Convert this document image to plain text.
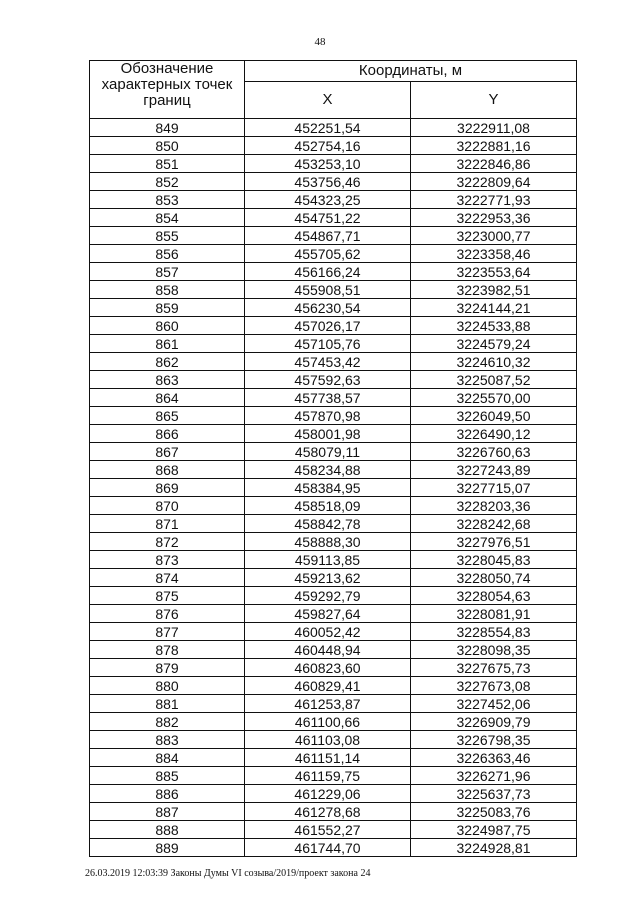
48
Обозначение характерных точек границ	Координаты, м	
	X	Y
849	452251,54	3222911,08
850	452754,16	3222881,16
851	453253,10	3222846,86
852	453756,46	3222809,64
853	454323,25	3222771,93
854	454751,22	3222953,36
855	454867,71	3223000,77
856	455705,62	3223358,46
857	456166,24	3223553,64
858	455908,51	3223982,51
859	456230,54	3224144,21
860	457026,17	3224533,88
861	457105,76	3224579,24
862	457453,42	3224610,32
863	457592,63	3225087,52
864	457738,57	3225570,00
865	457870,98	3226049,50
866	458001,98	3226490,12
867	458079,11	3226760,63
868	458234,88	3227243,89
869	458384,95	3227715,07
870	458518,09	3228203,36
871	458842,78	3228242,68
872	458888,30	3227976,51
873	459113,85	3228045,83
874	459213,62	3228050,74
875	459292,79	3228054,63
876	459827,64	3228081,91
877	460052,42	3228554,83
878	460448,94	3228098,35
879	460823,60	3227675,73
880	460829,41	3227673,08
881	461253,87	3227452,06
882	461100,66	3226909,79
883	461103,08	3226798,35
884	461151,14	3226363,46
885	461159,75	3226271,96
886	461229,06	3225637,73
887	461278,68	3225083,76
888	461552,27	3224987,75
889	461744,70	3224928,81
26.03.2019 12:03:39 Законы Думы VI созыва/2019/проект закона 24
